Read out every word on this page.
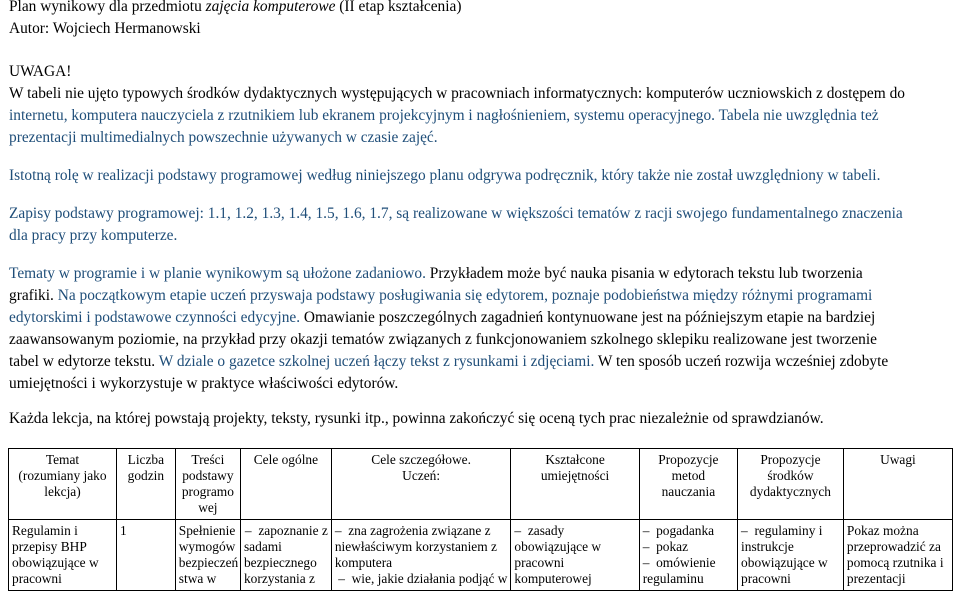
Plan wynikowy dla przedmiotu zajęcia komputerowe (II etap kształcenia)
Autor: Wojciech Hermanowski

UWAGA!
W tabeli nie ujęto typowych środków dydaktycznych występujących w pracowniach informatycznych: komputerów uczniowskich z dostępem do
internetu, komputera nauczyciela z rzutnikiem lub ekranem projekcyjnym i nagłośnieniem, systemu operacyjnego. Tabela nie uwzględnia też
prezentacji multimedialnych powszechnie używanych w czasie zajęć.

Istotną rolę w realizacji podstawy programowej według niniejszego planu odgrywa podręcznik, który także nie został uwzględniony w tabeli.

Zapisy podstawy programowej: 1.1, 1.2, 1.3, 1.4, 1.5, 1.6, 1.7, są realizowane w większości tematów z racji swojego fundamentalnego znaczenia
dla pracy przy komputerze.

Tematy w programie i w planie wynikowym są ułożone zadaniowo. Przykładem może być nauka pisania w edytorach tekstu lub tworzenia
grafiki. Na początkowym etapie uczeń przyswaja podstawy posługiwania się edytorem, poznaje podobieństwa między różnymi programami
edytorskimi i podstawowe czynności edycyjne. Omawianie poszczególnych zagadnień kontynuowane jest na późniejszym etapie na bardziej
zaawansowanym poziomie, na przykład przy okazji tematów związanych z funkcjonowaniem szkolnego sklepiku realizowane jest tworzenie
tabel w edytorze tekstu. W dziale o gazetce szkolnej uczeń łączy tekst z rysunkami i zdjęciami. W ten sposób uczeń rozwija wcześniej zdobyte
umiejętności i wykorzystuje w praktyce właściwości edytorów.

Każda lekcja, na której powstają projekty, teksty, rysunki itp., powinna zakończyć się oceną tych prac niezależnie od sprawdzianów.

Temat
(rozumiany jako
lekcja)	Liczba
godzin	Treści
podstawy
programo
wej	Cele ogólne	Cele szczegółowe.
Uczeń:	Kształcone
umiejętności	Propozycje
metod
nauczania	Propozycje
środków
dydaktycznych	Uwagi

Regulamin i
przepisy BHP
obowiązujące w
pracowni	1	Spełnienie
wymogów
bezpieczeń
stwa w	–  zapoznanie z
sadami
bezpiecznego
korzystania z	–  zna zagrożenia związane z
niewłaściwym korzystaniem z
komputera
–  wie, jakie działania podjąć w	–  zasady
obowiązujące w
pracowni
komputerowej	–  pogadanka
–  pokaz
–  omówienie
regulaminu	–  regulaminy i
instrukcje
obowiązujące w
pracowni	Pokaz można
przeprowadzić za
pomocą rzutnika i
prezentacji
